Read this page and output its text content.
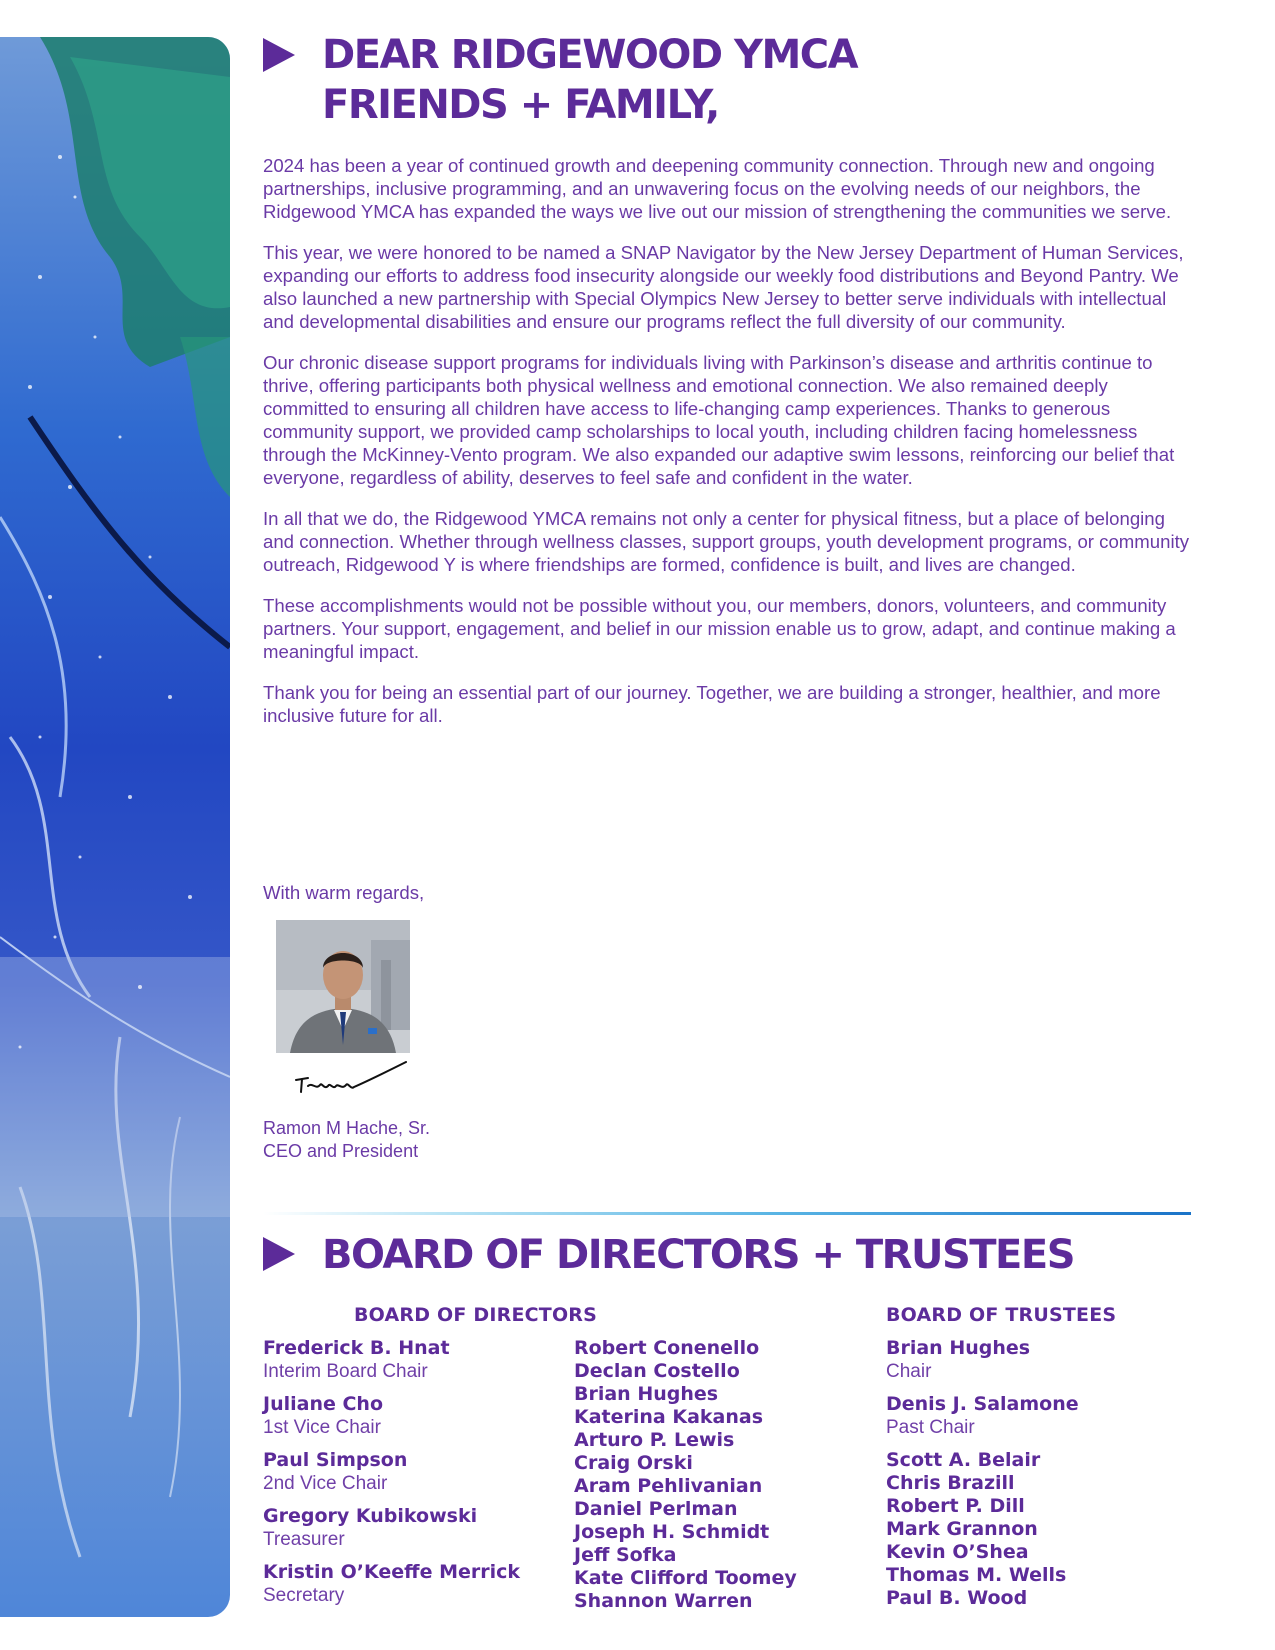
DEAR RIDGEWOOD YMCA
FRIENDS + FAMILY,

2024 has been a year of continued growth and deepening community connection. Through new and ongoing partnerships, inclusive programming, and an unwavering focus on the evolving needs of our neighbors, the Ridgewood YMCA has expanded the ways we live out our mission of strengthening the communities we serve.

This year, we were honored to be named a SNAP Navigator by the New Jersey Department of Human Services, expanding our efforts to address food insecurity alongside our weekly food distributions and Beyond Pantry. We also launched a new partnership with Special Olympics New Jersey to better serve individuals with intellectual and developmental disabilities and ensure our programs reflect the full diversity of our community.

Our chronic disease support programs for individuals living with Parkinson’s disease and arthritis continue to thrive, offering participants both physical wellness and emotional connection. We also remained deeply committed to ensuring all children have access to life-changing camp experiences. Thanks to generous community support, we provided camp scholarships to local youth, including children facing homelessness through the McKinney-Vento program. We also expanded our adaptive swim lessons, reinforcing our belief that everyone, regardless of ability, deserves to feel safe and confident in the water.

In all that we do, the Ridgewood YMCA remains not only a center for physical fitness, but a place of belonging and connection. Whether through wellness classes, support groups, youth development programs, or community outreach, Ridgewood Y is where friendships are formed, confidence is built, and lives are changed.

These accomplishments would not be possible without you, our members, donors, volunteers, and community partners. Your support, engagement, and belief in our mission enable us to grow, adapt, and continue making a meaningful impact.

Thank you for being an essential part of our journey. Together, we are building a stronger, healthier, and more inclusive future for all.

With warm regards,
Ramon M Hache, Sr.
CEO and President
BOARD OF DIRECTORS + TRUSTEES
BOARD OF DIRECTORS	BOARD OF TRUSTEES
Frederick B. Hnat
Interim Board Chair
Juliane Cho
1st Vice Chair
Paul Simpson
2nd Vice Chair
Gregory Kubikowski
Treasurer
Kristin O’Keeffe Merrick
Secretary
Robert Conenello
Declan Costello
Brian Hughes
Katerina Kakanas
Arturo P. Lewis
Craig Orski
Aram Pehlivanian
Daniel Perlman
Joseph H. Schmidt
Jeff Sofka
Kate Clifford Toomey
Shannon Warren
Brian Hughes
Chair
Denis J. Salamone
Past Chair
Scott A. Belair
Chris Brazill
Robert P. Dill
Mark Grannon
Kevin O’Shea
Thomas M. Wells
Paul B. Wood
